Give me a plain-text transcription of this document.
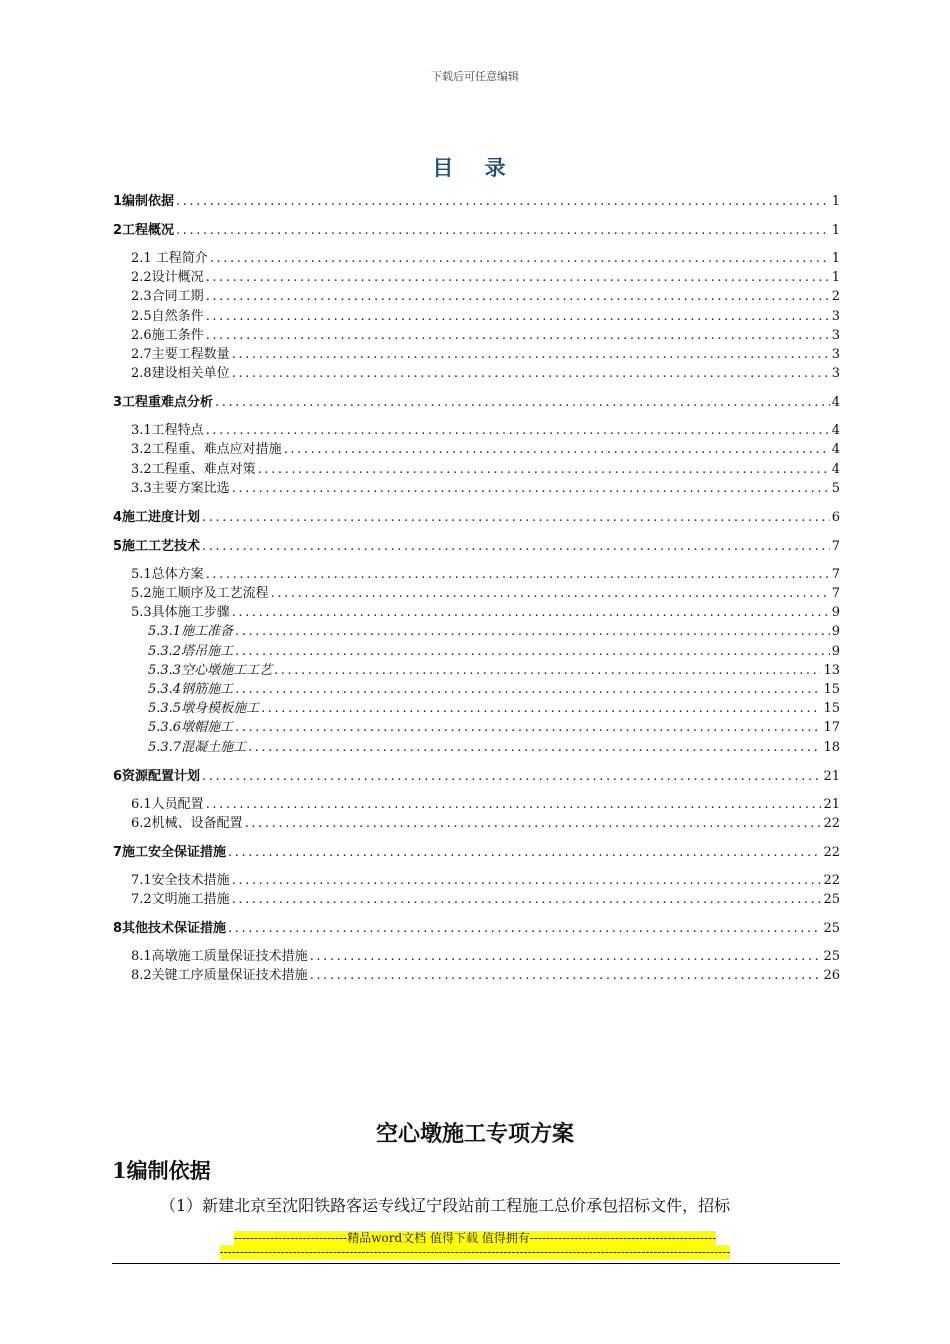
下载后可任意编辑
目 录
1编制依据 .....	1
2工程概况 .....	1
2.1 工程简介 .....	1
2.2设计概况 .....	1
2.3合同工期 .....	2
2.5自然条件 .....	3
2.6施工条件 .....	3
2.7主要工程数量 .....	3
2.8建设相关单位 .....	3
3工程重难点分析 .....	4
3.1工程特点 .....	4
3.2工程重、难点应对措施 .....	4
3.2工程重、难点对策 .....	4
3.3主要方案比选 .....	5
4施工进度计划 .....	6
5施工工艺技术 .....	7
5.1总体方案 .....	7
5.2施工顺序及工艺流程 .....	7
5.3具体施工步骤 .....	9
5.3.1施工准备 .....	9
5.3.2塔吊施工 .....	9
5.3.3空心墩施工工艺 .....	13
5.3.4钢筋施工 .....	15
5.3.5墩身模板施工 .....	15
5.3.6墩帽施工 .....	17
5.3.7混凝土施工 .....	18
6资源配置计划 .....	21
6.1人员配置 .....	21
6.2机械、设备配置 .....	22
7施工安全保证措施 .....	22
7.1安全技术措施 .....	22
7.2文明施工措施 .....	25
8其他技术保证措施 .....	25
8.1高墩施工质量保证技术措施 .....	25
8.2关键工序质量保证技术措施 .....	26
空心墩施工专项方案
1编制依据
（1）新建北京至沈阳铁路客运专线辽宁段站前工程施工总价承包招标文件，招标
----------------------------精品word文档 值得下载 值得拥有----------------------------------------------
------------------------------------------------------------------------------------------------------------------------------
